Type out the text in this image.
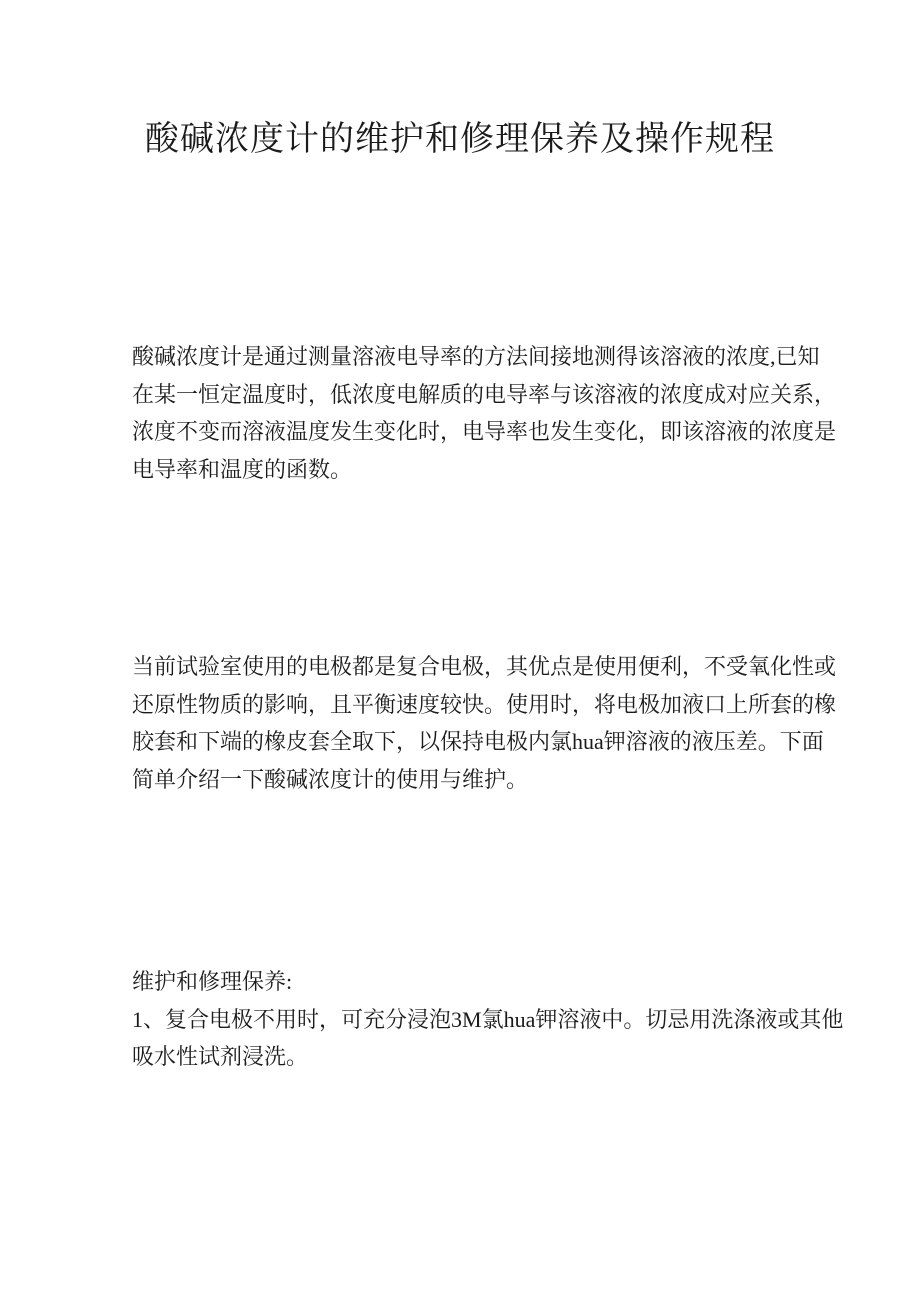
酸碱浓度计的维护和修理保养及操作规程
酸碱浓度计是通过测量溶液电导率的方法间接地测得该溶液的浓度,已知
在某一恒定温度时，低浓度电解质的电导率与该溶液的浓度成对应关系，
浓度不变而溶液温度发生变化时，电导率也发生变化，即该溶液的浓度是
电导率和温度的函数。
当前试验室使用的电极都是复合电极，其优点是使用便利，不受氧化性或
还原性物质的影响，且平衡速度较快。使用时，将电极加液口上所套的橡
胶套和下端的橡皮套全取下，以保持电极内氯hua钾溶液的液压差。下面
简单介绍一下酸碱浓度计的使用与维护。
维护和修理保养:
1、复合电极不用时，可充分浸泡3M氯hua钾溶液中。切忌用洗涤液或其他
吸水性试剂浸洗。
